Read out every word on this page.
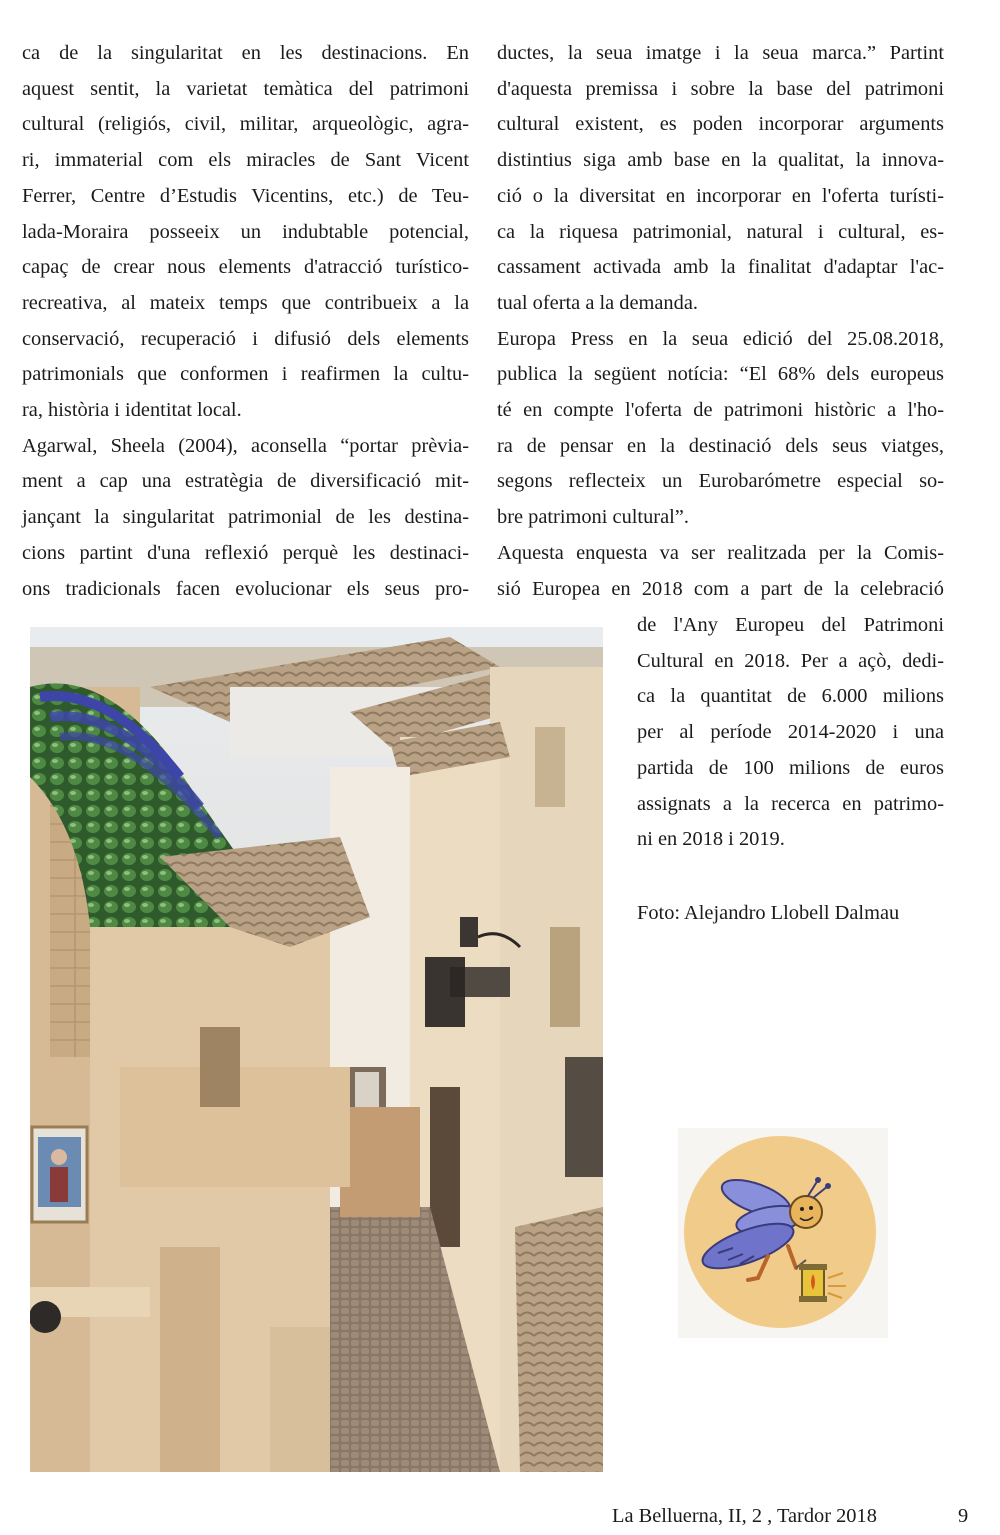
ca de la singularitat en les destinacions. En
aquest sentit, la varietat temàtica del patrimoni
cultural (religiós, civil, militar, arqueològic, agra-
ri, immaterial com els miracles de Sant Vicent
Ferrer, Centre d’Estudis Vicentins, etc.) de Teu-
lada-Moraira posseeix un indubtable potencial,
capaç de crear nous elements d'atracció turístico-
recreativa, al mateix temps que contribueix a la
conservació, recuperació i difusió dels elements
patrimonials que conformen i reafirmen la cultu-
ra, història i identitat local.
Agarwal, Sheela (2004), aconsella “portar prèvia-
ment a cap una estratègia de diversificació mit-
jançant la singularitat patrimonial de les destina-
cions partint d'una reflexió perquè les destinaci-
ons tradicionals facen evolucionar els seus pro-
ductes, la seua imatge i la seua marca.” Partint
d'aquesta premissa i sobre la base del patrimoni
cultural existent, es poden incorporar arguments
distintius siga amb base en la qualitat, la innova-
ció o la diversitat en incorporar en l'oferta turísti-
ca la riquesa patrimonial, natural i cultural, es-
cassament activada amb la finalitat d'adaptar l'ac-
tual oferta a la demanda.
Europa Press en la seua edició del 25.08.2018,
publica la següent notícia: “El 68% dels europeus
té en compte l'oferta de patrimoni històric a l'ho-
ra de pensar en la destinació dels seus viatges,
segons reflecteix un Eurobarómetre especial so-
bre patrimoni cultural”.
Aquesta enquesta va ser realitzada per la Comis-
sió Europea en 2018 com a part de la celebració
de l'Any Europeu del Patrimoni
Cultural en 2018. Per a açò, dedi-
ca la quantitat de 6.000 milions
per al període 2014-2020 i una
partida de 100 milions de euros
assignats a la recerca en patrimo-
ni en 2018 i 2019.
Foto: Alejandro Llobell Dalmau
La Belluerna, II, 2 , Tardor 2018	9
